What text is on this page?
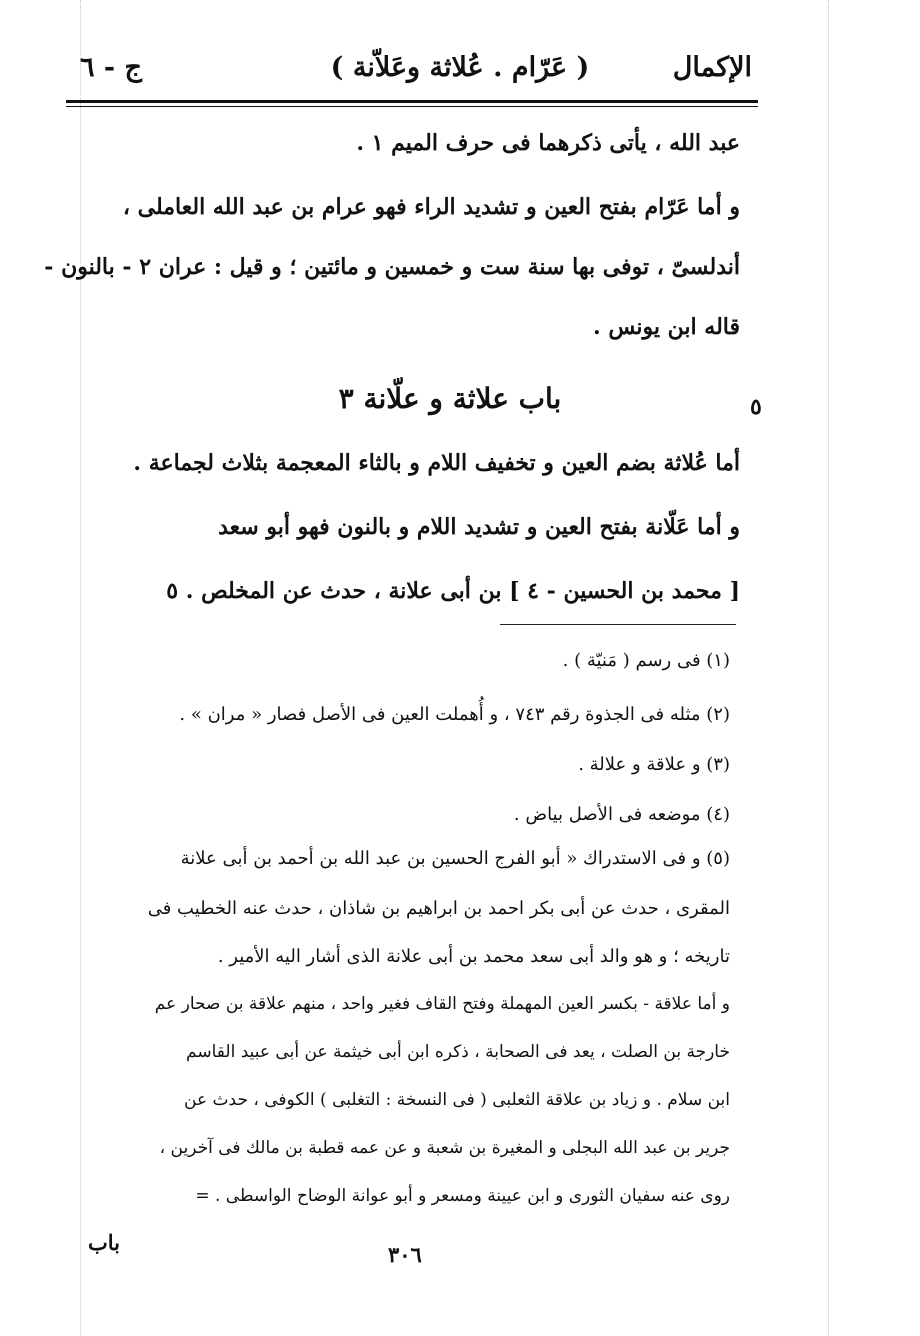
ج - ٦	( عَرّام . عُلاثة وعَلاّنة )	الإكمال
عبد الله ، يأتى ذكرهما فى حرف الميم ١ .
و أما عَرّام بفتح العين و تشديد الراء فهو عرام بن عبد الله العاملى ،
أندلسىّ ، توفى بها سنة ست و خمسين و مائتين ؛ و قيل : عران ٢ - بالنون -
قاله ابن يونس .
٥
باب علاثة و علّانة ٣
أما عُلاثة بضم العين و تخفيف اللام و بالثاء المعجمة بثلاث لجماعة .
و أما عَلّانة بفتح العين و تشديد اللام و بالنون فهو أبو سعد
[ محمد بن الحسين - ٤ ] بن أبى علانة ، حدث عن المخلص . ٥
(١) فى رسم ( مَنيّة ) .
(٢) مثله فى الجذوة رقم ٧٤٣ ، و أُهملت العين فى الأصل فصار « مران » .
(٣) و علاقة و علالة .
(٤) موضعه فى الأصل بياض .
(٥) و فى الاستدراك « أبو الفرج الحسين بن عبد الله بن أحمد بن أبى علانة
المقرى ، حدث عن أبى بكر احمد بن ابراهيم بن شاذان ، حدث عنه الخطيب فى
تاريخه ؛ و هو والد أبى سعد محمد بن أبى علانة الذى أشار اليه الأمير .
و أما علاقة - بكسر العين المهملة وفتح القاف فغير واحد ، منهم علاقة بن صحار عم
خارجة بن الصلت ، يعد فى الصحابة ، ذكره ابن أبى خيثمة عن أبى عبيد القاسم
ابن سلام . و زياد بن علاقة الثعلبى ( فى النسخة : التغلبى ) الكوفى ، حدث عن
جرير بن عبد الله البجلى و المغيرة بن شعبة و عن عمه قطبة بن مالك فى آخرين ،
روى عنه سفيان الثورى و ابن عيينة ومسعر و أبو عوانة الوضاح الواسطى . =
باب	٣٠٦
